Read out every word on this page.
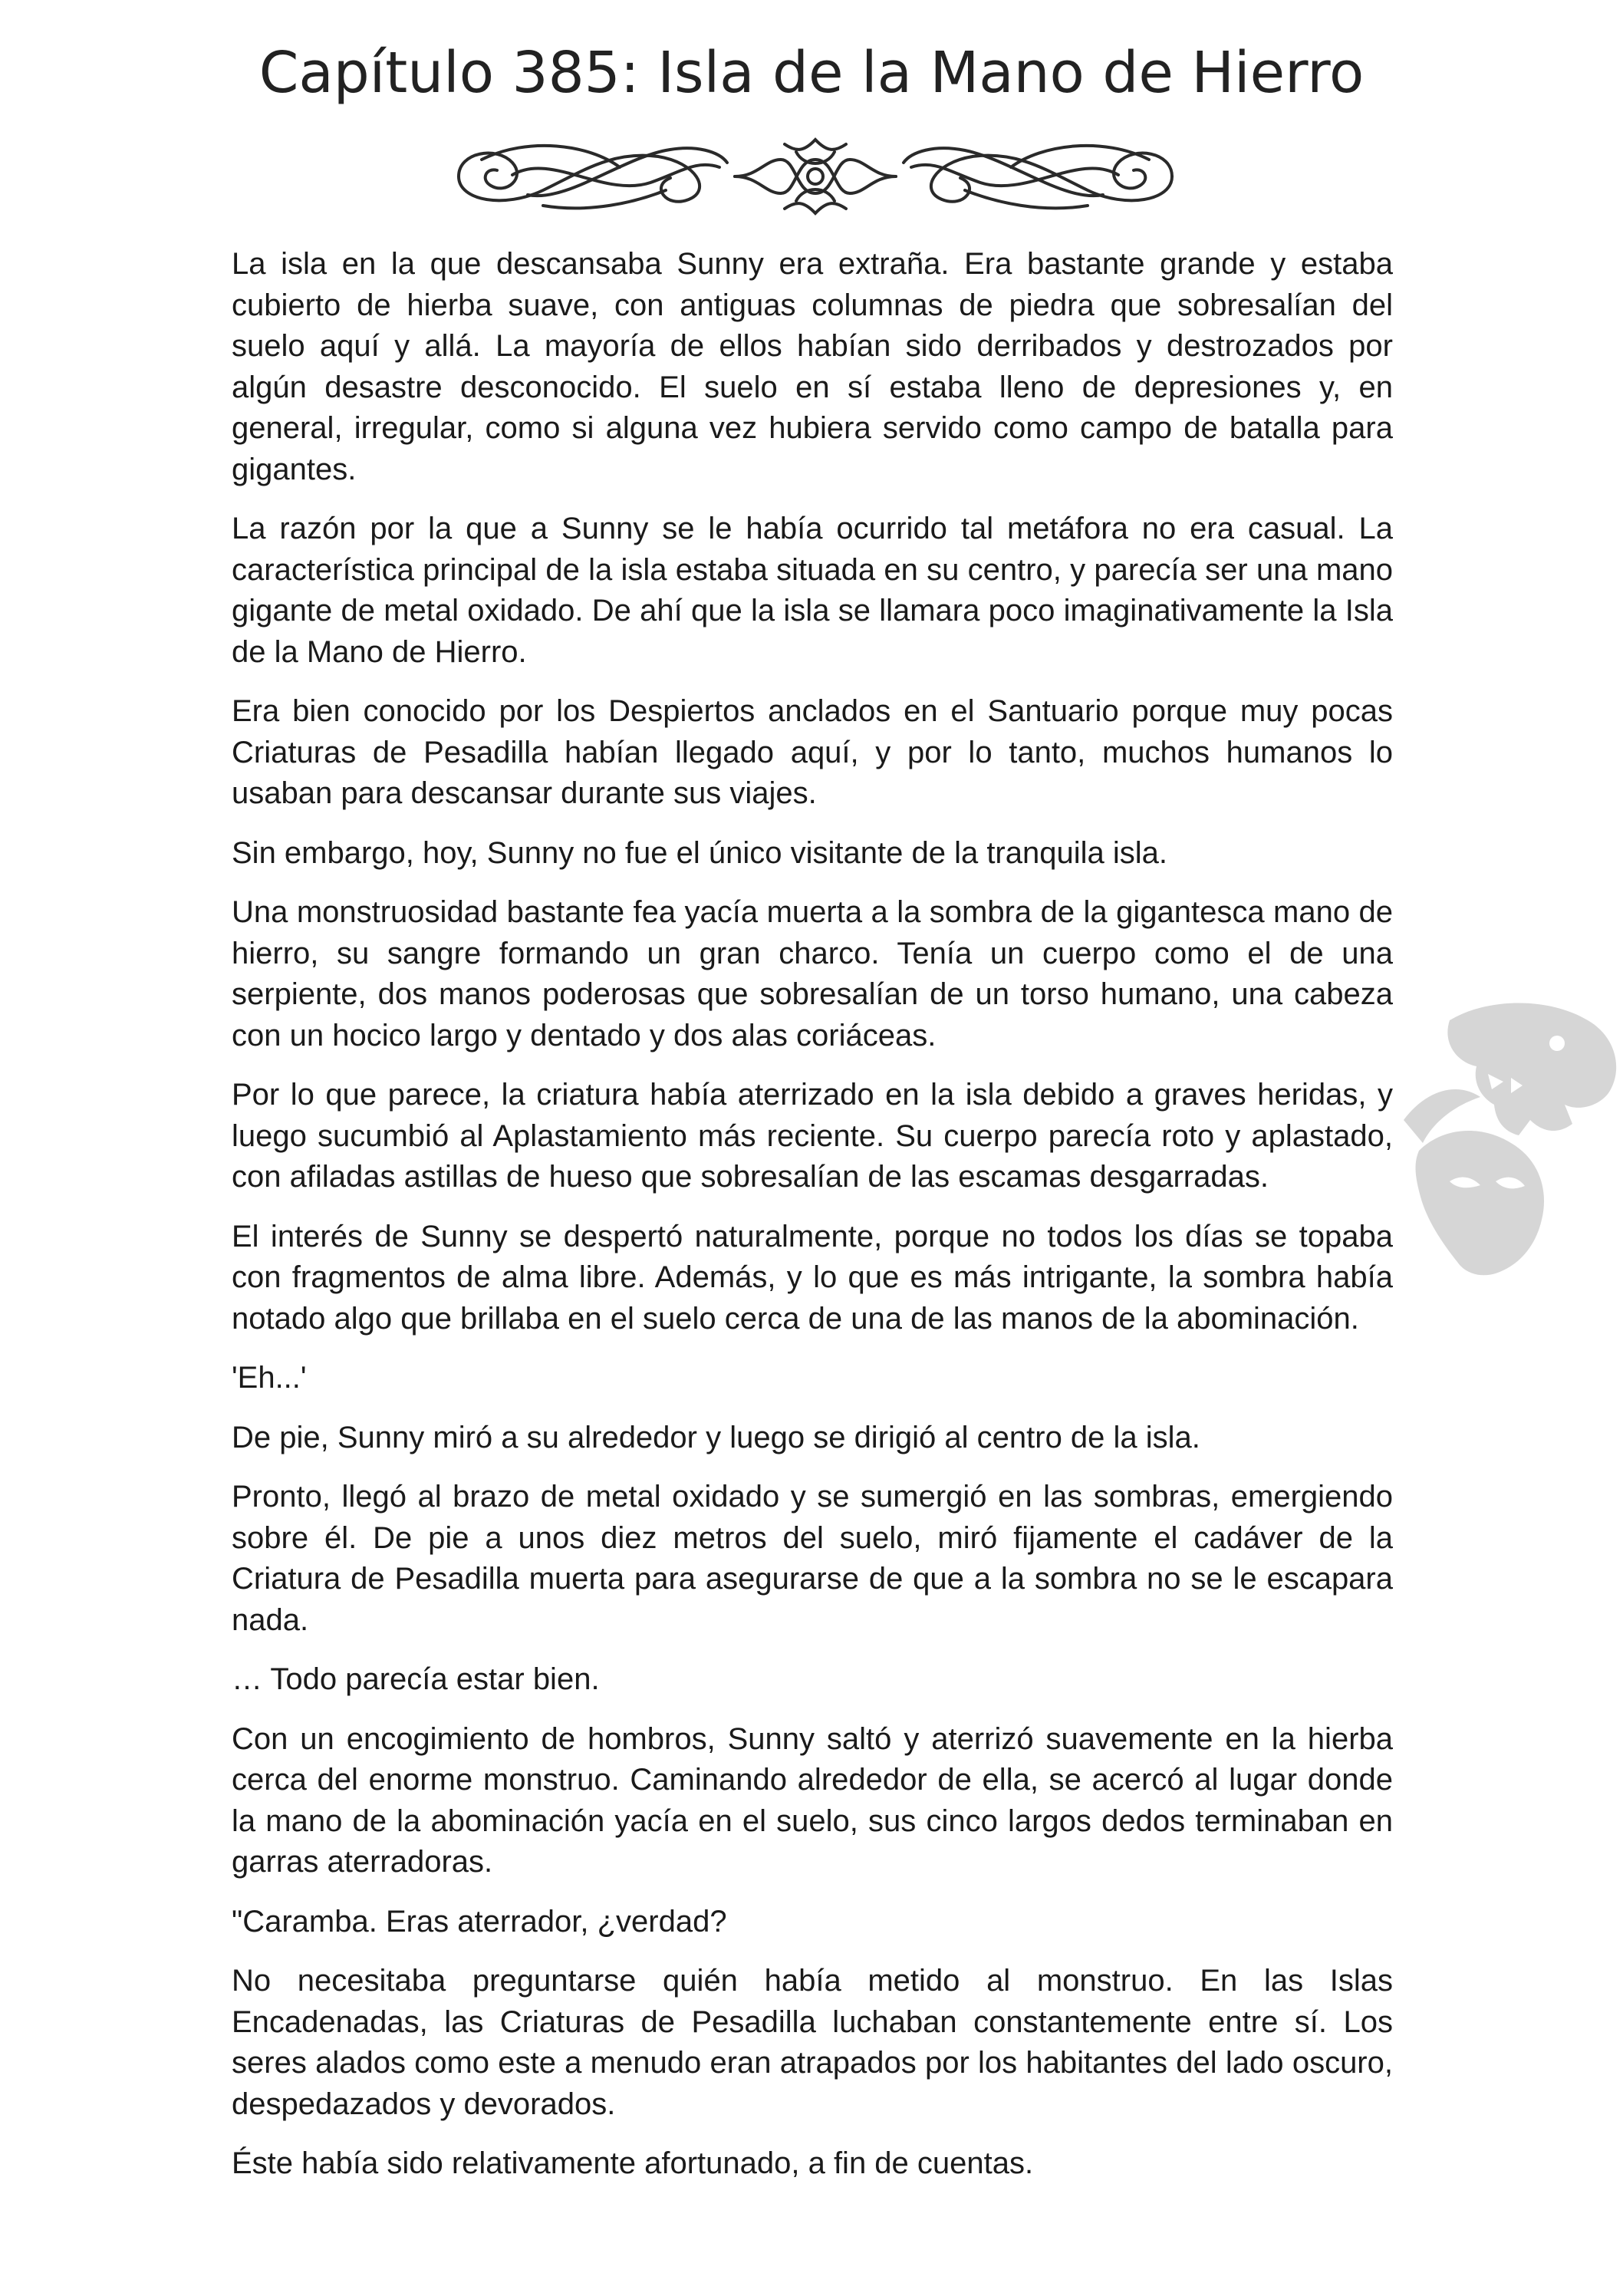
Capítulo 385: Isla de la Mano de Hierro

La isla en la que descansaba Sunny era extraña. Era bastante grande y estaba cubierto de hierba suave, con antiguas columnas de piedra que sobresalían del suelo aquí y allá. La mayoría de ellos habían sido derribados y destrozados por algún desastre desconocido. El suelo en sí estaba lleno de depresiones y, en general, irregular, como si alguna vez hubiera servido como campo de batalla para gigantes.

La razón por la que a Sunny se le había ocurrido tal metáfora no era casual. La característica principal de la isla estaba situada en su centro, y parecía ser una mano gigante de metal oxidado. De ahí que la isla se llamara poco imaginativamente la Isla de la Mano de Hierro.

Era bien conocido por los Despiertos anclados en el Santuario porque muy pocas Criaturas de Pesadilla habían llegado aquí, y por lo tanto, muchos humanos lo usaban para descansar durante sus viajes.

Sin embargo, hoy, Sunny no fue el único visitante de la tranquila isla.

Una monstruosidad bastante fea yacía muerta a la sombra de la gigantesca mano de hierro, su sangre formando un gran charco. Tenía un cuerpo como el de una serpiente, dos manos poderosas que sobresalían de un torso humano, una cabeza con un hocico largo y dentado y dos alas coriáceas.

Por lo que parece, la criatura había aterrizado en la isla debido a graves heridas, y luego sucumbió al Aplastamiento más reciente. Su cuerpo parecía roto y aplastado, con afiladas astillas de hueso que sobresalían de las escamas desgarradas.

El interés de Sunny se despertó naturalmente, porque no todos los días se topaba con fragmentos de alma libre. Además, y lo que es más intrigante, la sombra había notado algo que brillaba en el suelo cerca de una de las manos de la abominación.

'Eh...'

De pie, Sunny miró a su alrededor y luego se dirigió al centro de la isla.

Pronto, llegó al brazo de metal oxidado y se sumergió en las sombras, emergiendo sobre él. De pie a unos diez metros del suelo, miró fijamente el cadáver de la Criatura de Pesadilla muerta para asegurarse de que a la sombra no se le escapara nada.

… Todo parecía estar bien.

Con un encogimiento de hombros, Sunny saltó y aterrizó suavemente en la hierba cerca del enorme monstruo. Caminando alrededor de ella, se acercó al lugar donde la mano de la abominación yacía en el suelo, sus cinco largos dedos terminaban en garras aterradoras.

"Caramba. Eras aterrador, ¿verdad?

No necesitaba preguntarse quién había metido al monstruo. En las Islas Encadenadas, las Criaturas de Pesadilla luchaban constantemente entre sí. Los seres alados como este a menudo eran atrapados por los habitantes del lado oscuro, despedazados y devorados.

Éste había sido relativamente afortunado, a fin de cuentas.
